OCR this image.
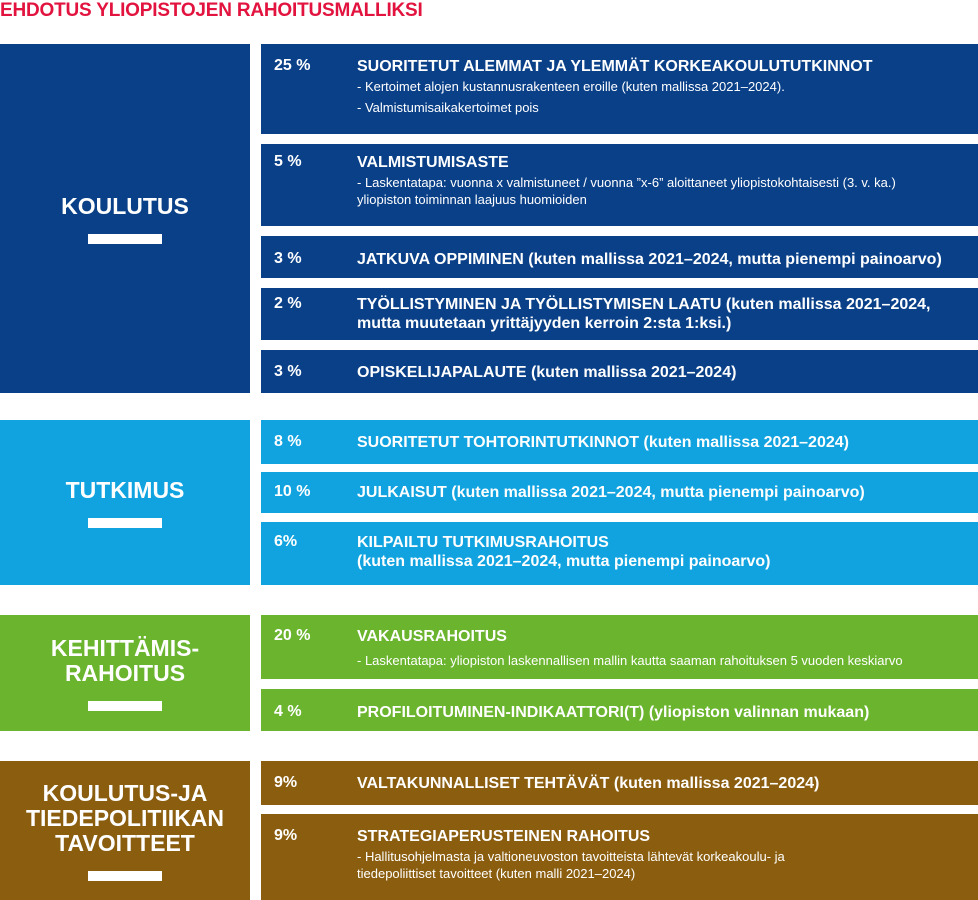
EHDOTUS YLIOPISTOJEN RAHOITUSMALLIKSI
KOULUTUS
25 %	SUORITETUT ALEMMAT JA YLEMMÄT KORKEAKOULUTUTKINNOT
- Kertoimet alojen kustannusrakenteen eroille (kuten mallissa 2021–2024).
- Valmistumisaikakertoimet pois
5 %	VALMISTUMISASTE
- Laskentatapa: vuonna x valmistuneet / vuonna ”x-6” aloittaneet yliopistokohtaisesti (3. v. ka.) yliopiston toiminnan laajuus huomioiden
3 %	JATKUVA OPPIMINEN (kuten mallissa 2021–2024, mutta pienempi painoarvo)
2 %	TYÖLLISTYMINEN JA TYÖLLISTYMISEN LAATU (kuten mallissa 2021–2024, mutta muutetaan yrittäjyyden kerroin 2:sta 1:ksi.)
3 %	OPISKELIJAPALAUTE (kuten mallissa 2021–2024)
TUTKIMUS
8 %	SUORITETUT TOHTORINTUTKINNOT (kuten mallissa 2021–2024)
10 %	JULKAISUT (kuten mallissa 2021–2024, mutta pienempi painoarvo)
6%	KILPAILTU TUTKIMUSRAHOITUS
(kuten mallissa 2021–2024, mutta pienempi painoarvo)
KEHITTÄMIS-
RAHOITUS
20 %	VAKAUSRAHOITUS
- Laskentatapa: yliopiston laskennallisen mallin kautta saaman rahoituksen 5 vuoden keskiarvo
4 %	PROFILOITUMINEN-INDIKAATTORI(T) (yliopiston valinnan mukaan)
KOULUTUS-JA
TIEDEPOLITIIKAN
TAVOITTEET
9%	VALTAKUNNALLISET TEHTÄVÄT (kuten mallissa 2021–2024)
9%	STRATEGIAPERUSTEINEN RAHOITUS
- Hallitusohjelmasta ja valtioneuvoston tavoitteista lähtevät korkeakoulu- ja tiedepoliittiset tavoitteet (kuten malli 2021–2024)
